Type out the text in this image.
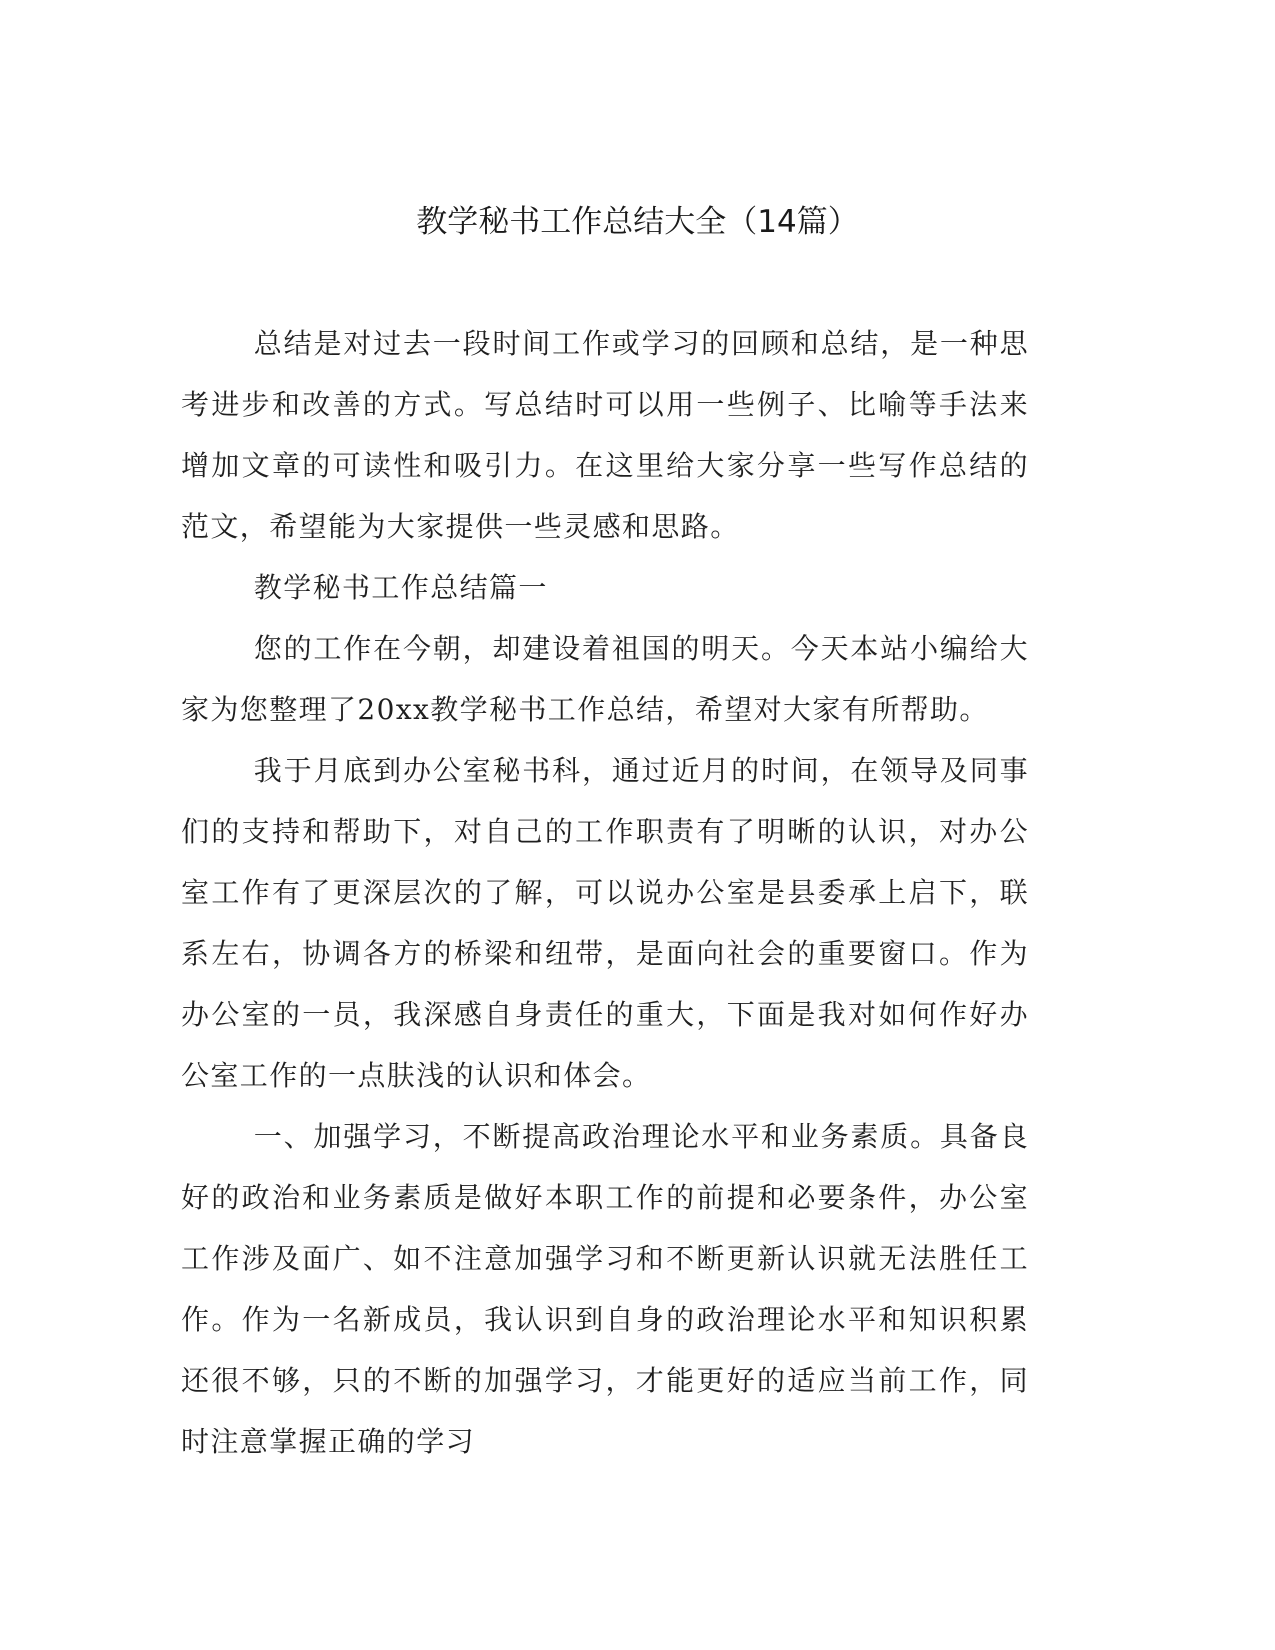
教学秘书工作总结大全（14篇）

总结是对过去一段时间工作或学习的回顾和总结，是一种思考进步和改善的方式。写总结时可以用一些例子、比喻等手法来增加文章的可读性和吸引力。在这里给大家分享一些写作总结的范文，希望能为大家提供一些灵感和思路。

教学秘书工作总结篇一

您的工作在今朝，却建设着祖国的明天。今天本站小编给大家为您整理了20xx教学秘书工作总结，希望对大家有所帮助。

我于月底到办公室秘书科，通过近月的时间，在领导及同事们的支持和帮助下，对自己的工作职责有了明晰的认识，对办公室工作有了更深层次的了解，可以说办公室是县委承上启下，联系左右，协调各方的桥梁和纽带，是面向社会的重要窗口。作为办公室的一员，我深感自身责任的重大，下面是我对如何作好办公室工作的一点肤浅的认识和体会。

一、加强学习，不断提高政治理论水平和业务素质。具备良好的政治和业务素质是做好本职工作的前提和必要条件，办公室工作涉及面广、如不注意加强学习和不断更新认识就无法胜任工作。作为一名新成员，我认识到自身的政治理论水平和知识积累还很不够，只的不断的加强学习，才能更好的适应当前工作，同时注意掌握正确的学习
